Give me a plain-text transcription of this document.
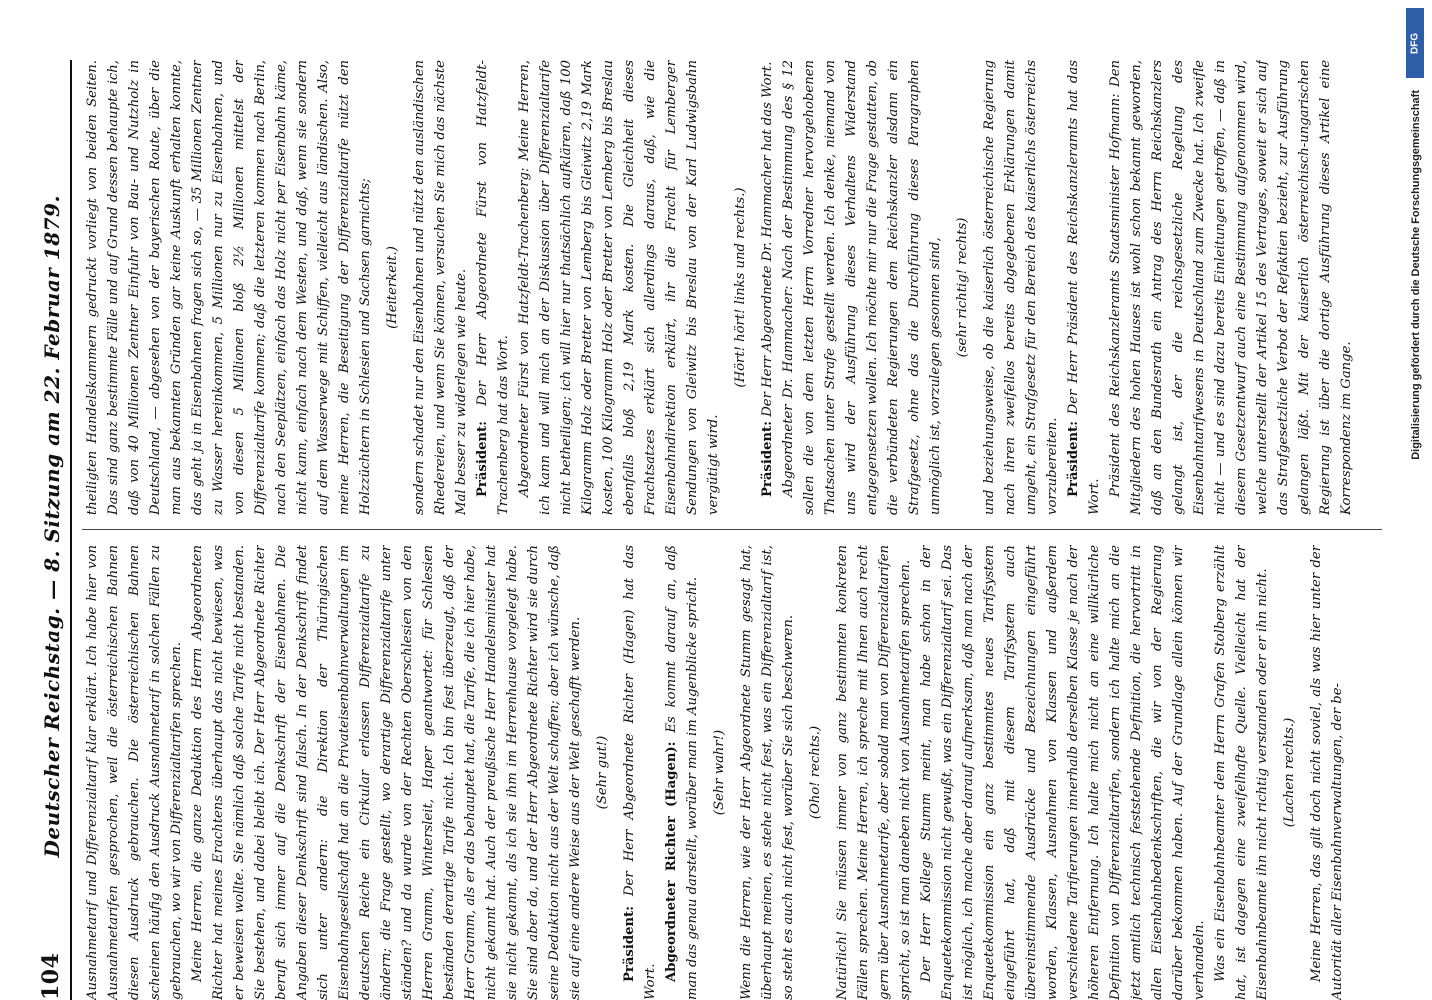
104
Deutscher Reichstag. — 8. Sitzung am 22. Februar 1879. Ausnahmetarif und Differenzialtarif klar erklärt. Ich habe hier von Ausnahmetarifen gesprochen, weil die österreichischen Bahnen diesen Ausdruck gebrauchen. Die österreichischen Bahnen scheinen häufig den Ausdruck Ausnahmetarif in solchen Fällen zu gebrauchen, wo wir von Differenzialtarifen sprechen. Meine Herren, die ganze Deduktion des Herrn Abgeordneten Richter hat meines Erachtens überhaupt das nicht bewiesen, was er beweisen wollte. Sie nämlich daß solche Tarife nicht bestanden. Sie bestehen, und dabei bleibt ich. Der Herr Abgeordnete Richter beruft sich immer auf die Denkschrift der Eisenbahnen. Die Angaben dieser Denkschrift sind falsch. In der Denkschrift findet sich unter andern: die Direktion der Thüringischen Eisenbahngesellschaft hat an die Privateisenbahnverwaltungen im deutschen Reiche ein Cirkular erlassen Differenzialtarife zu ändern; die Frage gestellt, wo derartige Differenzialtarife unter ständen? und da wurde von der Rechten Oberschlesien von den Herren Gramm, Wintersleit, Haper geantwortet: für Schlesien beständen derartige Tarife nicht. Ich bin fest überzeugt, daß der Herr Gramm, als er das behauptet hat, die Tarife, die ich hier habe, nicht gekannt hat. Auch der preußische Herr Handelsminister hat sie nicht gekannt, als ich sie ihm im Herrenhause vorgelegt habe. Sie sind aber da, und der Herr Abgeordnete Richter wird sie durch seine Deduktion nicht aus der Welt schaffen; aber ich wünsche, daß sie auf eine andere Weise aus der Welt geschafft werden. (Sehr gut!)

Präsident: Der Herr Abgeordnete Richter (Hagen) hat das Wort. Abgeordneter Richter (Hagen): Es kommt darauf an, daß man das genau darstellt, worüber man im Augenblicke spricht. (Sehr wahr!) Wenn die Herren, wie der Herr Abgeordnete Stumm gesagt hat, überhaupt meinen, es stehe nicht fest, was ein Differenzialtarif ist, so steht es auch nicht fest, worüber Sie sich beschweren. (Oho! rechts.) Natürlich! Sie müssen immer von ganz bestimmten konkreten Fällen sprechen. Meine Herren, ich spreche mit Ihnen auch recht gern über Ausnahmetarife, aber sobald man von Differenzialtarifen spricht, so ist man daneben nicht von Ausnahmetarifen sprechen. Der Herr Kollege Stumm meint, man habe schon in der Enquetekommission nicht gewußt, was ein Differenzialtarif sei. Das ist möglich, ich mache aber darauf aufmerksam, daß man nach der Enquetekommission ein ganz bestimmtes neues Tarifsystem eingeführt hat, daß mit diesem Tarifsystem auch übereinstimmende Ausdrücke und Bezeichnungen eingeführt worden, Klassen, Ausnahmen von Klassen und außerdem verschiedene Tarifierungen innerhalb derselben Klasse je nach der höheren Entfernung. Ich halte mich nicht an eine willkürliche Definition von Differenzialtarifen, sondern ich halte mich an die jetzt amtlich technisch feststehende Definition, die hervortritt in allen Eisenbahnbedenkschriften, die wir von der Regierung darüber bekommen haben. Auf der Grundlage allein können wir verhandeln. Was ein Eisenbahnbeamter dem Herrn Grafen Stolberg erzählt hat, ist dagegen eine zweifelhafte Quelle. Vielleicht hat der Eisenbahnbeamte ihn nicht richtig verstanden oder er ihn nicht. (Lachen rechts.) Meine Herren, das gilt doch nicht soviel, als was hier unter der Autorität aller Eisenbahnverwaltungen, der be-

theiligten Handelskammern gedruckt vorliegt von beiden Seiten. Das sind ganz bestimmte Fälle und auf Grund dessen behaupte ich, daß von 40 Millionen Zentner Einfuhr von Bau- und Nutzholz in Deutschland, — abgesehen von der bayerischen Route, über die man aus bekannten Gründen gar keine Auskunft erhalten konnte, das geht ja in Eisenbahnen fragen sich so, — 35 Millionen Zentner zu Wasser hereinkommen, 5 Millionen nur zu Eisenbahnen, und von diesen 5 Millionen bloß 2½ Millionen mittelst der Differenzialtarife kommen; daß die letzteren kommen nach Berlin, nach den Seeplätzen, einfach das Holz nicht per Eisenbahn käme, nicht kann, einfach nach dem Westen, und daß, wenn sie sondern auf dem Wasserwege mit Schiffen, vielleicht aus ländischen. Also, meine Herren, die Beseitigung der Differenzialtarife nützt den Holzzüchtern in Schlesien und Sachsen garnichts; (Heiterkeit.) sondern schadet nur den Eisenbahnen und nützt den ausländischen Rhedereien, und wenn Sie können, versuchen Sie mich das nächste Mal besser zu widerlegen wie heute. Präsident: Der Herr Abgeordnete Fürst von Hatzfeldt-Trachenberg hat das Wort. Abgeordneter Fürst von Hatzfeldt-Trachenberg: Meine Herren, ich kann und will mich an der Diskussion über Differenzialtarife nicht betheiligen; ich will hier nur thatsächlich aufklären, daß 100 Kilogramm Holz oder Bretter von Lemberg bis Gleiwitz 2,19 Mark kosten, 100 Kilogramm Holz oder Bretter von Lemberg bis Breslau ebenfalls bloß 2,19 Mark kosten. Die Gleichheit dieses Frachtsatzes erklärt sich allerdings daraus, daß, wie die Eisenbahndirektion erklärt, ihr die Fracht für Lemberger Sendungen von Gleiwitz bis Breslau von der Karl Ludwigsbahn vergütigt wird.

(Hört! hört! links und rechts.)

Präsident: Der Herr Abgeordnete Dr. Hammacher hat das Wort. Abgeordneter Dr. Hammacher: Nach der Bestimmung des § 12 sollen die von dem letzten Herrn Vorredner hervorgehobenen Thatsachen unter Strafe gestellt werden. Ich denke, niemand von uns wird der Ausführung dieses Verhaltens Widerstand entgegensetzen wollen. Ich möchte mir nur die Frage gestatten, ob die verbündeten Regierungen dem Reichskanzler alsdann ein Strafgesetz, ohne das die Durchführung dieses Paragraphen unmöglich ist, vorzulegen gesonnen sind, (sehr richtig! rechts) und beziehungsweise, ob die kaiserlich österreichische Regierung nach ihren zweifellos bereits abgegebenen Erklärungen damit umgeht, ein Strafgesetz für den Bereich des kaiserlichs österreichs vorzubereiten. Präsident: Der Herr Präsident des Reichskanzleramts hat das Wort. Präsident des Reichskanzleramts Staatsminister Hofmann: Den Mitgliedern des hohen Hauses ist wohl schon bekannt geworden, daß an den Bundesrath ein Antrag des Herrn Reichskanzlers gelangt ist, der die reichsgesetzliche Regelung des Eisenbahntarifwesens in Deutschland zum Zwecke hat. Ich zweifle nicht — und es sind dazu bereits Einleitungen getroffen, — daß in diesem Gesetzentwurf auch eine Bestimmung aufgenommen wird, welche unterstellt der Artikel 15 des Vertrages, soweit er sich auf das Strafgesetzliche Verbot der Refaktien bezieht, zur Ausführung gelangen läßt. Mit der kaiserlich österreichisch-ungarischen Regierung ist über die dortige Ausführung dieses Artikel eine Korrespondenz im Gange.

DFG
Digitalisierung gefördert durch die Deutsche Forschungsgemeinschaft
